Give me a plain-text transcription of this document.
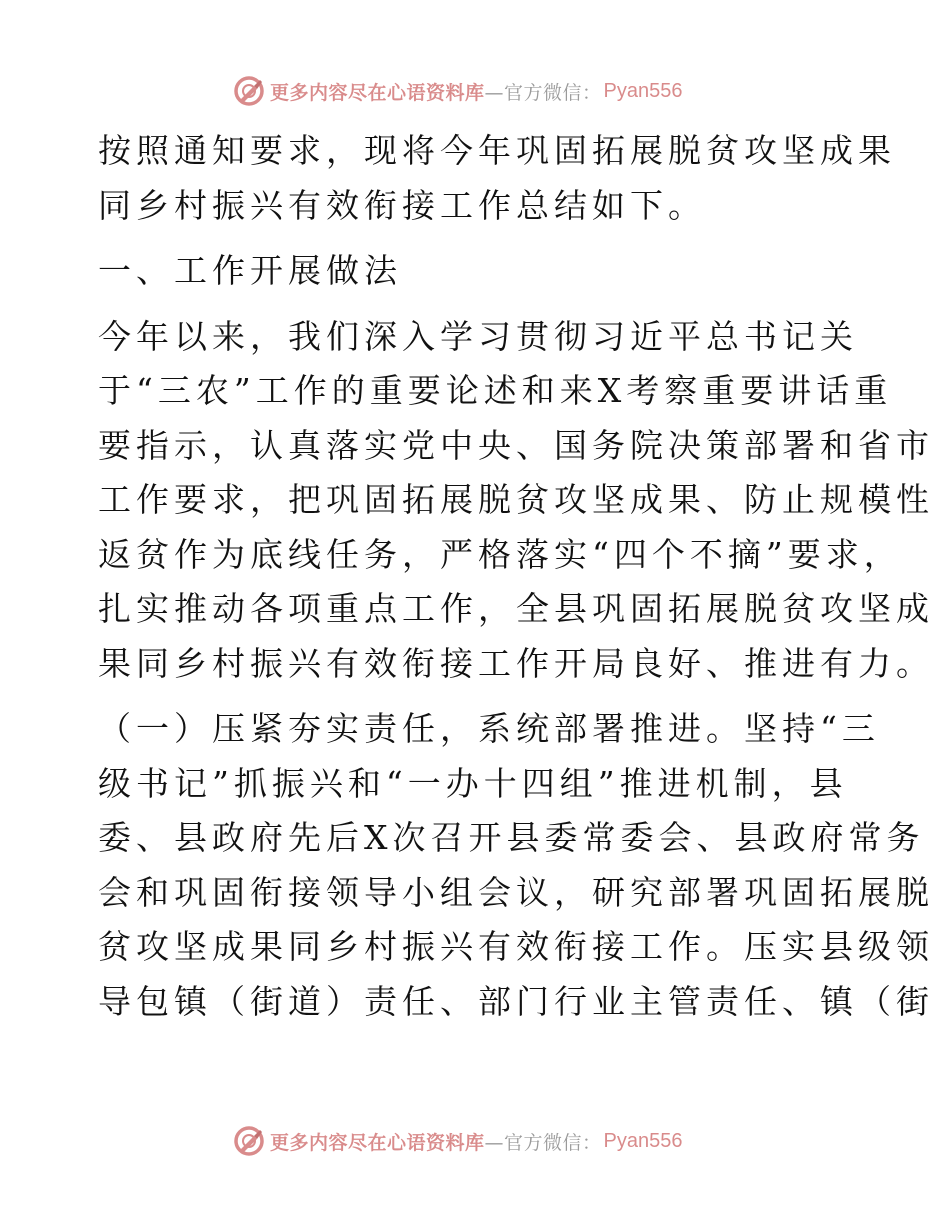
更多内容尽在心语资料库 —官方微信： Pyan556
按照通知要求，现将今年巩固拓展脱贫攻坚成果
同乡村振兴有效衔接工作总结如下。
一、工作开展做法
今年以来，我们深入学习贯彻习近平总书记关
于“三农”工作的重要论述和来X考察重要讲话重
要指示，认真落实党中央、国务院决策部署和省市
工作要求，把巩固拓展脱贫攻坚成果、防止规模性
返贫作为底线任务，严格落实“四个不摘”要求，
扎实推动各项重点工作，全县巩固拓展脱贫攻坚成
果同乡村振兴有效衔接工作开局良好、推进有力。
（一）压紧夯实责任，系统部署推进。坚持“三
级书记”抓振兴和“一办十四组”推进机制，县
委、县政府先后X次召开县委常委会、县政府常务
会和巩固衔接领导小组会议，研究部署巩固拓展脱
贫攻坚成果同乡村振兴有效衔接工作。压实县级领
导包镇（街道）责任、部门行业主管责任、镇（街
更多内容尽在心语资料库 —官方微信： Pyan556
